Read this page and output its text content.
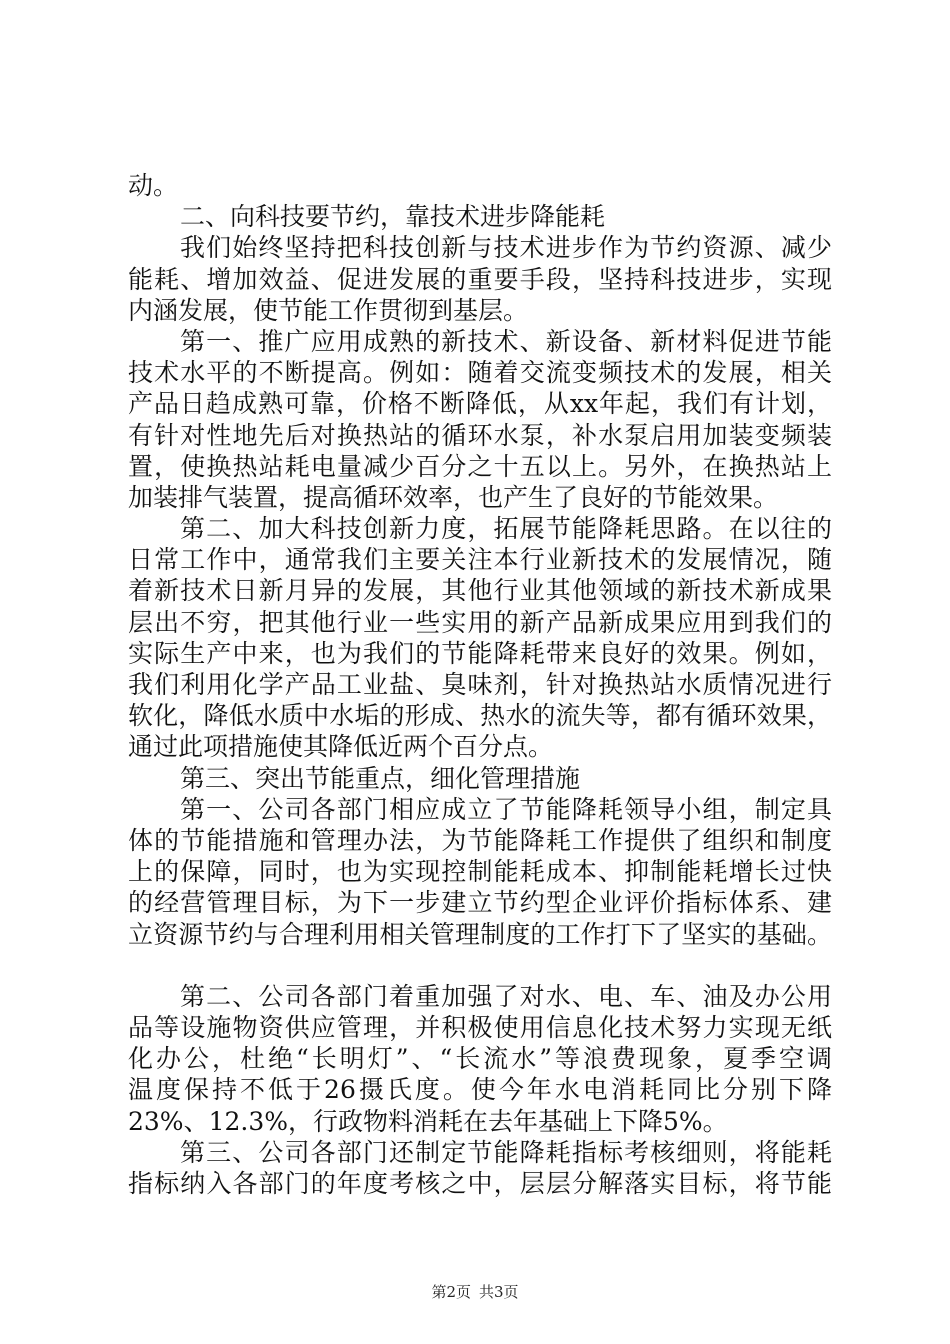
动。
二、向科技要节约，靠技术进步降能耗
我们始终坚持把科技创新与技术进步作为节约资源、减少
能耗、增加效益、促进发展的重要手段，坚持科技进步，实现
内涵发展，使节能工作贯彻到基层。
第一、推广应用成熟的新技术、新设备、新材料促进节能
技术水平的不断提高。例如：随着交流变频技术的发展，相关
产品日趋成熟可靠，价格不断降低，从xx年起，我们有计划，
有针对性地先后对换热站的循环水泵，补水泵启用加装变频装
置，使换热站耗电量减少百分之十五以上。另外，在换热站上
加装排气装置，提高循环效率，也产生了良好的节能效果。
第二、加大科技创新力度，拓展节能降耗思路。在以往的
日常工作中，通常我们主要关注本行业新技术的发展情况，随
着新技术日新月异的发展，其他行业其他领域的新技术新成果
层出不穷，把其他行业一些实用的新产品新成果应用到我们的
实际生产中来，也为我们的节能降耗带来良好的效果。例如，
我们利用化学产品工业盐、臭味剂，针对换热站水质情况进行
软化，降低水质中水垢的形成、热水的流失等，都有循环效果，
通过此项措施使其降低近两个百分点。
第三、突出节能重点，细化管理措施
第一、公司各部门相应成立了节能降耗领导小组，制定具
体的节能措施和管理办法，为节能降耗工作提供了组织和制度
上的保障，同时，也为实现控制能耗成本、抑制能耗增长过快
的经营管理目标，为下一步建立节约型企业评价指标体系、建
立资源节约与合理利用相关管理制度的工作打下了坚实的基础。
第二、公司各部门着重加强了对水、电、车、油及办公用
品等设施物资供应管理，并积极使用信息化技术努力实现无纸
化办公，杜绝“长明灯”、“长流水”等浪费现象，夏季空调
温度保持不低于26摄氏度。使今年水电消耗同比分别下降
23%、12.3%，行政物料消耗在去年基础上下降5%。
第三、公司各部门还制定节能降耗指标考核细则，将能耗
指标纳入各部门的年度考核之中，层层分解落实目标，将节能
第2页 共3页
